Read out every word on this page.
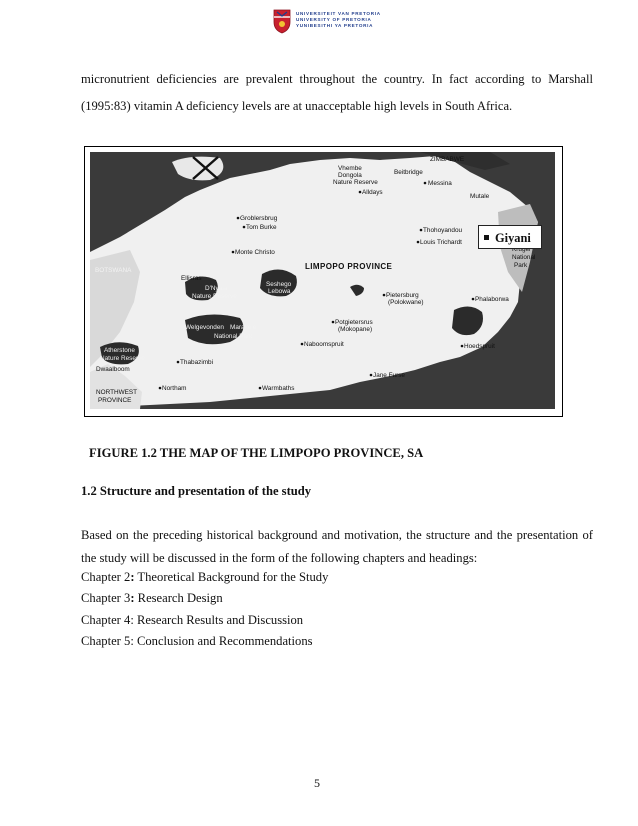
UNIVERSITEIT VAN PRETORIA
UNIVERSITY OF PRETORIA
YUNIBESITHI YA PRETORIA
micronutrient deficiencies are prevalent throughout the country. In fact according to Marshall
(1995:83) vitamin A deficiency levels are at unacceptable high levels in South Africa.
ZIMBABWE
Vhembe
Dongola
Nature Reserve
Beitbridge
Messina
Alldays
Mutale
Groblersbrug
Tom Burke	Thohoyandou
Louis Trichardt
Monte Christo
BOTSWANA
National
Park
LIMPOPO PROVINCE
Ellisras
D'Nyala
Nature Reserve
Seshego
Lebowa
Pietersburg
(Polokwane)	Phalaborwa
Welgevonden Marakele
National Park
Potgietersrus
(Mokopane)
Atherstone
Nature Reserve
Naboomspruit	Hoedspruit
Dwaalboom
Thabazimbi
Jane Furse
Northam	Warmbaths
NORTHWEST
PROVINCE
Giyani
FIGURE 1.2 THE MAP OF THE LIMPOPO PROVINCE, SA
1.2 Structure and presentation of the study
Based on the preceding historical background and motivation, the structure and the presentation of
the study will be discussed in the form of the following chapters and headings:
Chapter 2: Theoretical Background for the Study
Chapter 3: Research Design
Chapter 4: Research Results and Discussion
Chapter 5: Conclusion and Recommendations
5
